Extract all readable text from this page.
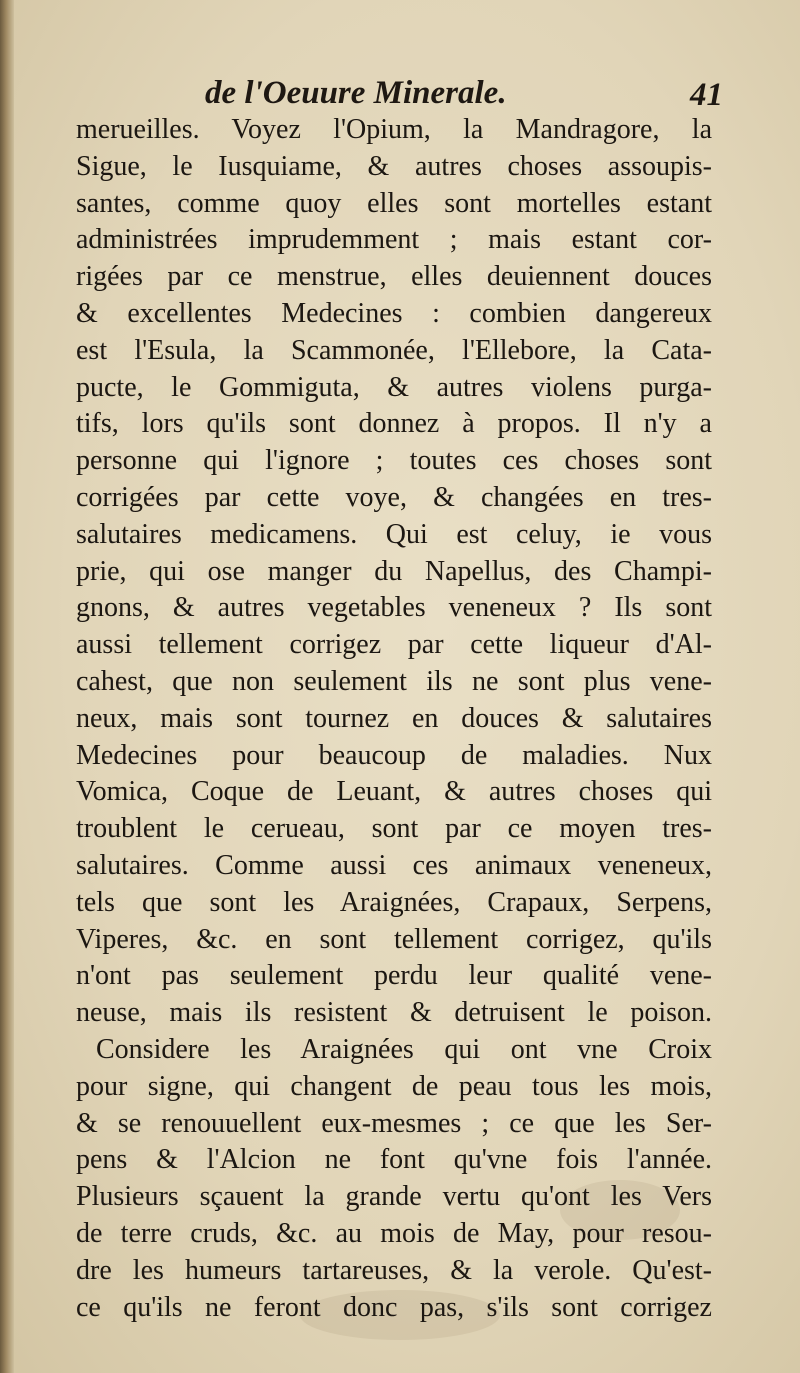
de l'Oeuure Minerale.	41
merueilles. Voyez l'Opium, la Mandragore, la
Sigue, le Iusquiame, & autres choses assoupis-
santes, comme quoy elles sont mortelles estant
administrées imprudemment ; mais estant cor-
rigées par ce menstrue, elles deuiennent douces
& excellentes Medecines : combien dangereux
est l'Esula, la Scammonée, l'Ellebore, la Cata-
pucte, le Gommiguta, & autres violens purga-
tifs, lors qu'ils sont donnez à propos. Il n'y a
personne qui l'ignore ; toutes ces choses sont
corrigées par cette voye, & changées en tres-
salutaires medicamens. Qui est celuy, ie vous
prie, qui ose manger du Napellus, des Champi-
gnons, & autres vegetables veneneux ? Ils sont
aussi tellement corrigez par cette liqueur d'Al-
cahest, que non seulement ils ne sont plus vene-
neux, mais sont tournez en douces & salutaires
Medecines pour beaucoup de maladies. Nux
Vomica, Coque de Leuant, & autres choses qui
troublent le cerueau, sont par ce moyen tres-
salutaires. Comme aussi ces animaux veneneux,
tels que sont les Araignées, Crapaux, Serpens,
Viperes, &c. en sont tellement corrigez, qu'ils
n'ont pas seulement perdu leur qualité vene-
neuse, mais ils resistent & detruisent le poison.
Considere les Araignées qui ont vne Croix
pour signe, qui changent de peau tous les mois,
& se renouuellent eux-mesmes ; ce que les Ser-
pens & l'Alcion ne font qu'vne fois l'année.
Plusieurs sçauent la grande vertu qu'ont les Vers
de terre cruds, &c. au mois de May, pour resou-
dre les humeurs tartareuses, & la verole. Qu'est-
ce qu'ils ne feront donc pas, s'ils sont corrigez
